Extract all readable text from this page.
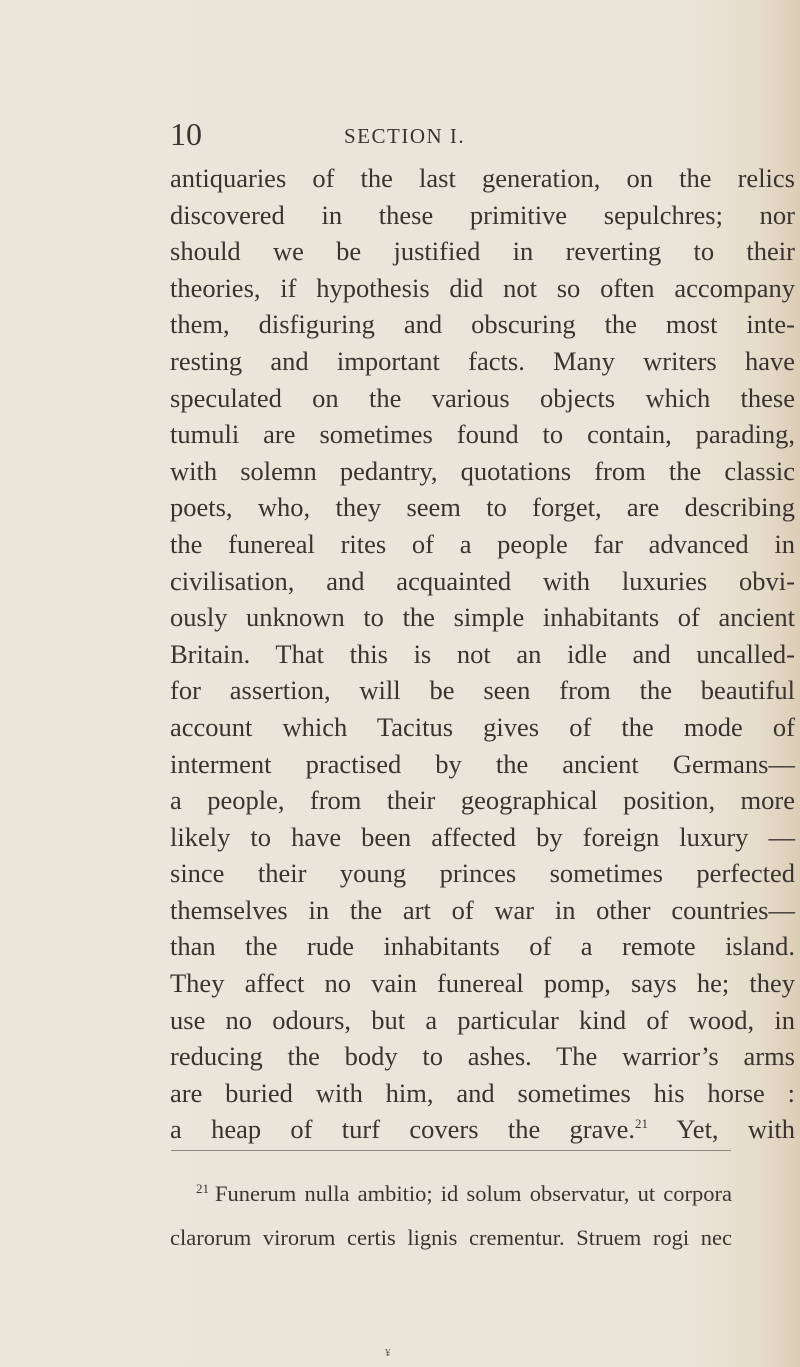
10	SECTION I.
antiquaries of the last generation, on the relics
discovered in these primitive sepulchres; nor
should we be justified in reverting to their
theories, if hypothesis did not so often accompany
them, disfiguring and obscuring the most inte-
resting and important facts. Many writers have
speculated on the various objects which these
tumuli are sometimes found to contain, parading,
with solemn pedantry, quotations from the classic
poets, who, they seem to forget, are describing
the funereal rites of a people far advanced in
civilisation, and acquainted with luxuries obvi-
ously unknown to the simple inhabitants of ancient
Britain. That this is not an idle and uncalled-
for assertion, will be seen from the beautiful
account which Tacitus gives of the mode of
interment practised by the ancient Germans—
a people, from their geographical position, more
likely to have been affected by foreign luxury —
since their young princes sometimes perfected
themselves in the art of war in other countries—
than the rude inhabitants of a remote island.
They affect no vain funereal pomp, says he; they
use no odours, but a particular kind of wood, in
reducing the body to ashes. The warrior’s arms
are buried with him, and sometimes his horse :
a heap of turf covers the grave.$^{21}$ Yet, with
$^{21}$ Funerum nulla ambitio; id solum observatur, ut corpora
clarorum virorum certis lignis crementur. Struem rogi nec
¥
